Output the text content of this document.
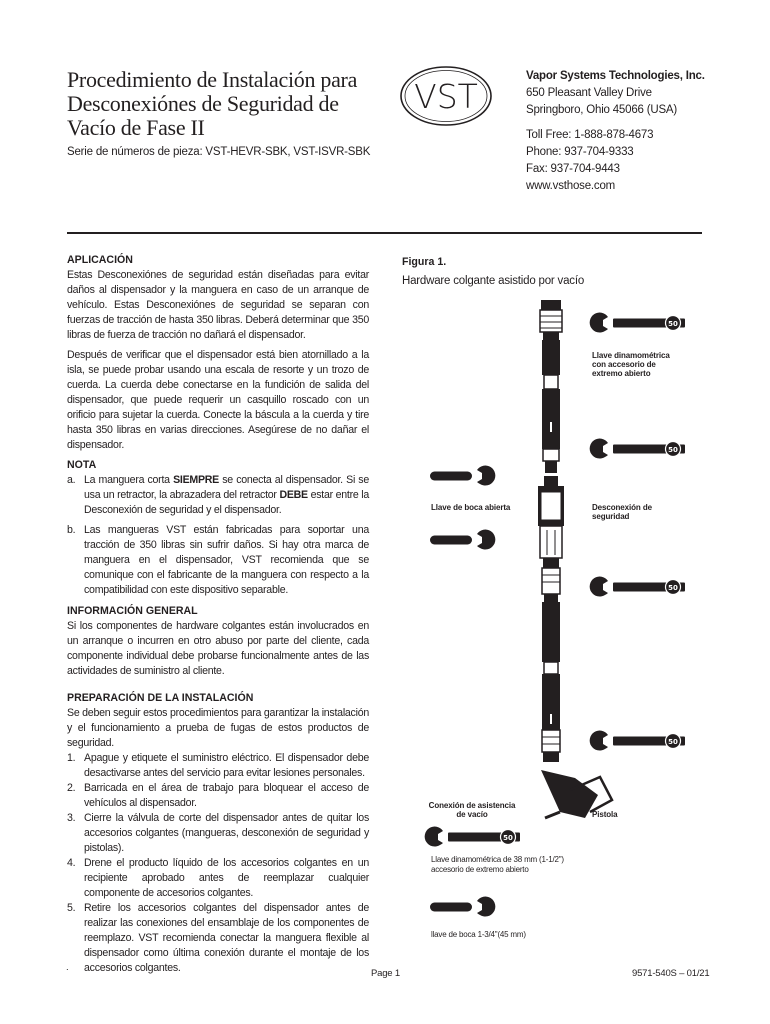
Procedimiento de Instalación para Desconexiónes de Seguridad de Vacío de Fase II
Serie de números de pieza: VST-HEVR-SBK, VST-ISVR-SBK
VST
Vapor Systems Technologies, Inc.
650 Pleasant Valley Drive
Springboro, Ohio 45066 (USA)
Toll Free: 1-888-878-4673
Phone: 937-704-9333
Fax: 937-704-9443
www.vsthose.com
APLICACIÓN

Estas Desconexiónes de seguridad están diseñadas para evitar daños al dispensador y la manguera en caso de un arranque de vehículo. Estas Desconexiónes de seguridad se separan con fuerzas de tracción de hasta 350 libras. Deberá determinar que 350 libras de fuerza de tracción no dañará el dispensador.

Después de verificar que el dispensador está bien atornillado a la isla, se puede probar usando una escala de resorte y un trozo de cuerda. La cuerda debe conectarse en la fundición de salida del dispensador, que puede requerir un casquillo roscado con un orificio para sujetar la cuerda. Conecte la báscula a la cuerda y tire hasta 350 libras en varias direcciones. Asegúrese de no dañar el dispensador.

NOTA
a. La manguera corta SIEMPRE se conecta al dispensador. Si se usa un retractor, la abrazadera del retractor DEBE estar entre la Desconexión de seguridad y el dispensador.
b. Las mangueras VST están fabricadas para soportar una tracción de 350 libras sin sufrir daños. Si hay otra marca de manguera en el dispensador, VST recomienda que se comunique con el fabricante de la manguera con respecto a la compatibilidad con este dispositivo separable.
INFORMACIÓN GENERAL

Si los componentes de hardware colgantes están involucrados en un arranque o incurren en otro abuso por parte del cliente, cada componente individual debe probarse funcionalmente antes de las actividades de suministro al cliente.

PREPARACIÓN DE LA INSTALACIÓN

Se deben seguir estos procedimientos para garantizar la instalación y el funcionamiento a prueba de fugas de estos productos de seguridad.

1. Apague y etiquete el suministro eléctrico. El dispensador debe desactivarse antes del servicio para evitar lesiones personales.
2. Barricada en el área de trabajo para bloquear el acceso de vehículos al dispensador.
3. Cierre la válvula de corte del dispensador antes de quitar los accesorios colgantes (mangueras, desconexión de seguridad y pistolas).
4. Drene el producto líquido de los accesorios colgantes en un recipiente aprobado antes de reemplazar cualquier componente de accesorios colgantes.
5. Retire los accesorios colgantes del dispensador antes de realizar las conexiones del ensamblaje de los componentes de reemplazo. VST recomienda conectar la manguera flexible al dispensador como última conexión durante el montaje de los accesorios colgantes.
Figura 1.
Hardware colgante asistido por vacío
50
50
50
50
50
Llave dinamométrica
con accesorio de
extremo abierto
Llave de boca abierta	Desconexión de
seguridad
Conexión de asistencia
de vacío	Pistola
Llave dinamométrica de 38 mm (1-1/2")
accesorio de extremo abierto
llave de boca 1-3/4"(45 mm)
.
Page 1	9571-540S – 01/21
